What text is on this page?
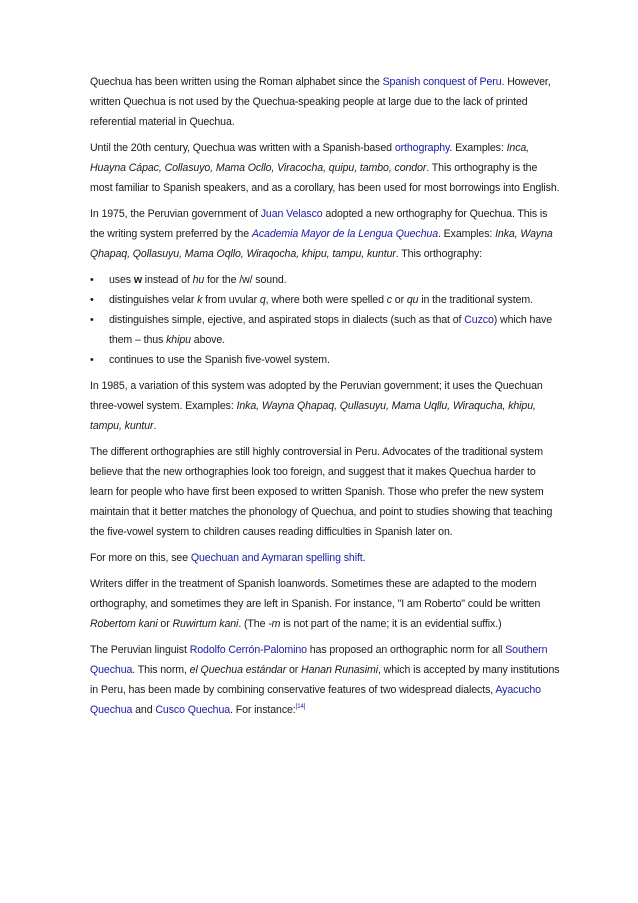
Quechua has been written using the Roman alphabet since the Spanish conquest of Peru. However, written Quechua is not used by the Quechua-speaking people at large due to the lack of printed referential material in Quechua.

Until the 20th century, Quechua was written with a Spanish-based orthography. Examples: Inca, Huayna Cápac, Collasuyo, Mama Ocllo, Viracocha, quipu, tambo, condor. This orthography is the most familiar to Spanish speakers, and as a corollary, has been used for most borrowings into English.

In 1975, the Peruvian government of Juan Velasco adopted a new orthography for Quechua. This is the writing system preferred by the Academia Mayor de la Lengua Quechua. Examples: Inka, Wayna Qhapaq, Qollasuyu, Mama Oqllo, Wiraqocha, khipu, tampu, kuntur. This orthography:

• uses w instead of hu for the /w/ sound.
• distinguishes velar k from uvular q, where both were spelled c or qu in the traditional system.
• distinguishes simple, ejective, and aspirated stops in dialects (such as that of Cuzco) which have them – thus khipu above.
• continues to use the Spanish five-vowel system.

In 1985, a variation of this system was adopted by the Peruvian government; it uses the Quechuan three-vowel system. Examples: Inka, Wayna Qhapaq, Qullasuyu, Mama Uqllu, Wiraqucha, khipu, tampu, kuntur.

The different orthographies are still highly controversial in Peru. Advocates of the traditional system believe that the new orthographies look too foreign, and suggest that it makes Quechua harder to learn for people who have first been exposed to written Spanish. Those who prefer the new system maintain that it better matches the phonology of Quechua, and point to studies showing that teaching the five-vowel system to children causes reading difficulties in Spanish later on.

For more on this, see Quechuan and Aymaran spelling shift.

Writers differ in the treatment of Spanish loanwords. Sometimes these are adapted to the modern orthography, and sometimes they are left in Spanish. For instance, "I am Roberto" could be written Robertom kani or Ruwirtum kani. (The -m is not part of the name; it is an evidential suffix.)

The Peruvian linguist Rodolfo Cerrón-Palomino has proposed an orthographic norm for all Southern Quechua. This norm, el Quechua estándar or Hanan Runasimi, which is accepted by many institutions in Peru, has been made by combining conservative features of two widespread dialects, Ayacucho Quechua and Cusco Quechua. For instance:[14]
